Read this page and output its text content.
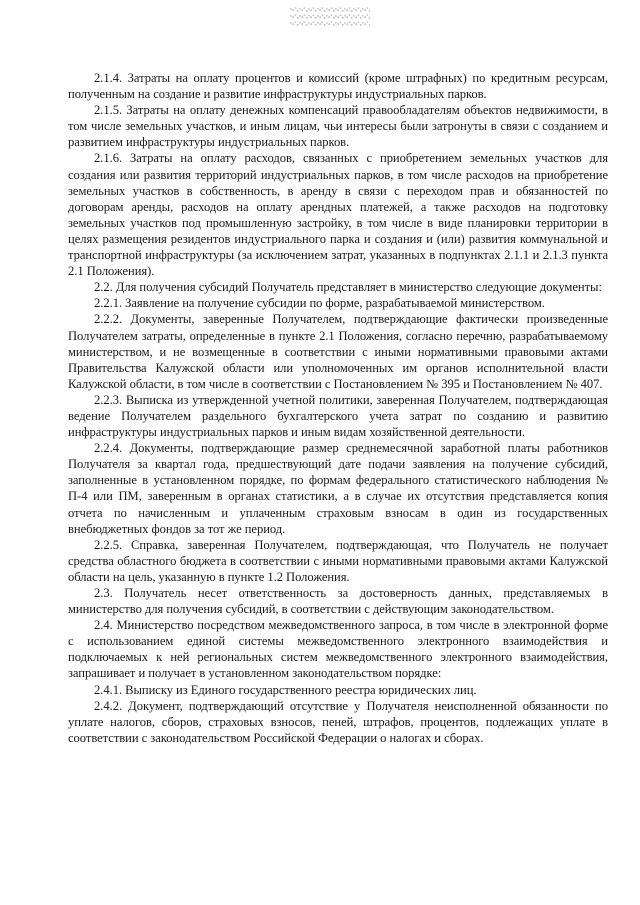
2.1.4. Затраты на оплату процентов и комиссий (кроме штрафных) по кредитным ресурсам, полученным на создание и развитие инфраструктуры индустриальных парков.

2.1.5. Затраты на оплату денежных компенсаций правообладателям объектов недвижимости, в том числе земельных участков, и иным лицам, чьи интересы были затронуты в связи с созданием и развитием инфраструктуры индустриальных парков.

2.1.6. Затраты на оплату расходов, связанных с приобретением земельных участков для создания или развития территорий индустриальных парков, в том числе расходов на приобретение земельных участков в собственность, в аренду в связи с переходом прав и обязанностей по договорам аренды, расходов на оплату арендных платежей, а также расходов на подготовку земельных участков под промышленную застройку, в том числе в виде планировки территории в целях размещения резидентов индустриального парка и создания и (или) развития коммунальной и транспортной инфраструктуры (за исключением затрат, указанных в подпунктах 2.1.1 и 2.1.3 пункта 2.1 Положения).

2.2. Для получения субсидий Получатель представляет в министерство следующие документы:

2.2.1. Заявление на получение субсидии по форме, разрабатываемой министерством.

2.2.2. Документы, заверенные Получателем, подтверждающие фактически произведенные Получателем затраты, определенные в пункте 2.1 Положения, согласно перечню, разрабатываемому министерством, и не возмещенные в соответствии с иными нормативными правовыми актами Правительства Калужской области или уполномоченных им органов исполнительной власти Калужской области, в том числе в соответствии с Постановлением № 395 и Постановлением № 407.

2.2.3. Выписка из утвержденной учетной политики, заверенная Получателем, подтверждающая ведение Получателем раздельного бухгалтерского учета затрат по созданию и развитию инфраструктуры индустриальных парков и иным видам хозяйственной деятельности.

2.2.4. Документы, подтверждающие размер среднемесячной заработной платы работников Получателя за квартал года, предшествующий дате подачи заявления на получение субсидий, заполненные в установленном порядке, по формам федерального статистического наблюдения № П-4 или ПМ, заверенным в органах статистики, а в случае их отсутствия представляется копия отчета по начисленным и уплаченным страховым взносам в один из государственных внебюджетных фондов за тот же период.

2.2.5. Справка, заверенная Получателем, подтверждающая, что Получатель не получает средства областного бюджета в соответствии с иными нормативными правовыми актами Калужской области на цель, указанную в пункте 1.2 Положения.

2.3. Получатель несет ответственность за достоверность данных, представляемых в министерство для получения субсидий, в соответствии с действующим законодательством.

2.4. Министерство посредством межведомственного запроса, в том числе в электронной форме с использованием единой системы межведомственного электронного взаимодействия и подключаемых к ней региональных систем межведомственного электронного взаимодействия, запрашивает и получает в установленном законодательством порядке:

2.4.1. Выписку из Единого государственного реестра юридических лиц.

2.4.2. Документ, подтверждающий отсутствие у Получателя неисполненной обязанности по уплате налогов, сборов, страховых взносов, пеней, штрафов, процентов, подлежащих уплате в соответствии с законодательством Российской Федерации о налогах и сборах.
